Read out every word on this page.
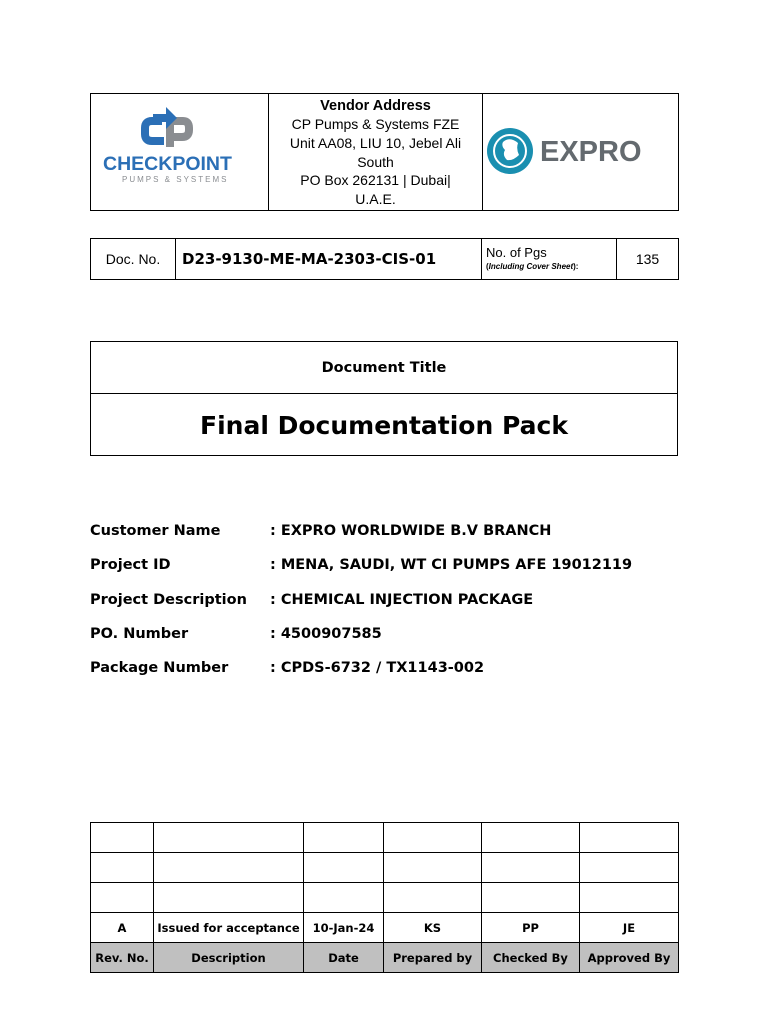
CHECKPOINT
PUMPS & SYSTEMS
	Vendor Address
CP Pumps & Systems FZE
Unit AA08, LIU 10, Jebel Ali
South
PO Box 262131 | Dubai|
U.A.E.	
EXPRO
Doc. No.	D23-9130-ME-MA-2303-CIS-01	No. of Pgs
(Including Cover Sheet):	135
Document Title
Final Documentation Pack
Customer Name	: EXPRO WORLDWIDE B.V BRANCH
Project ID	: MENA, SAUDI, WT CI PUMPS AFE 19012119
Project Description : CHEMICAL INJECTION PACKAGE
PO. Number	: 4500907585
Package Number	: CPDS-6732 / TX1143-002

A	Issued for acceptance	10-Jan-24	KS	PP	JE
Rev. No.	Description	Date	Prepared by	Checked By	Approved By
